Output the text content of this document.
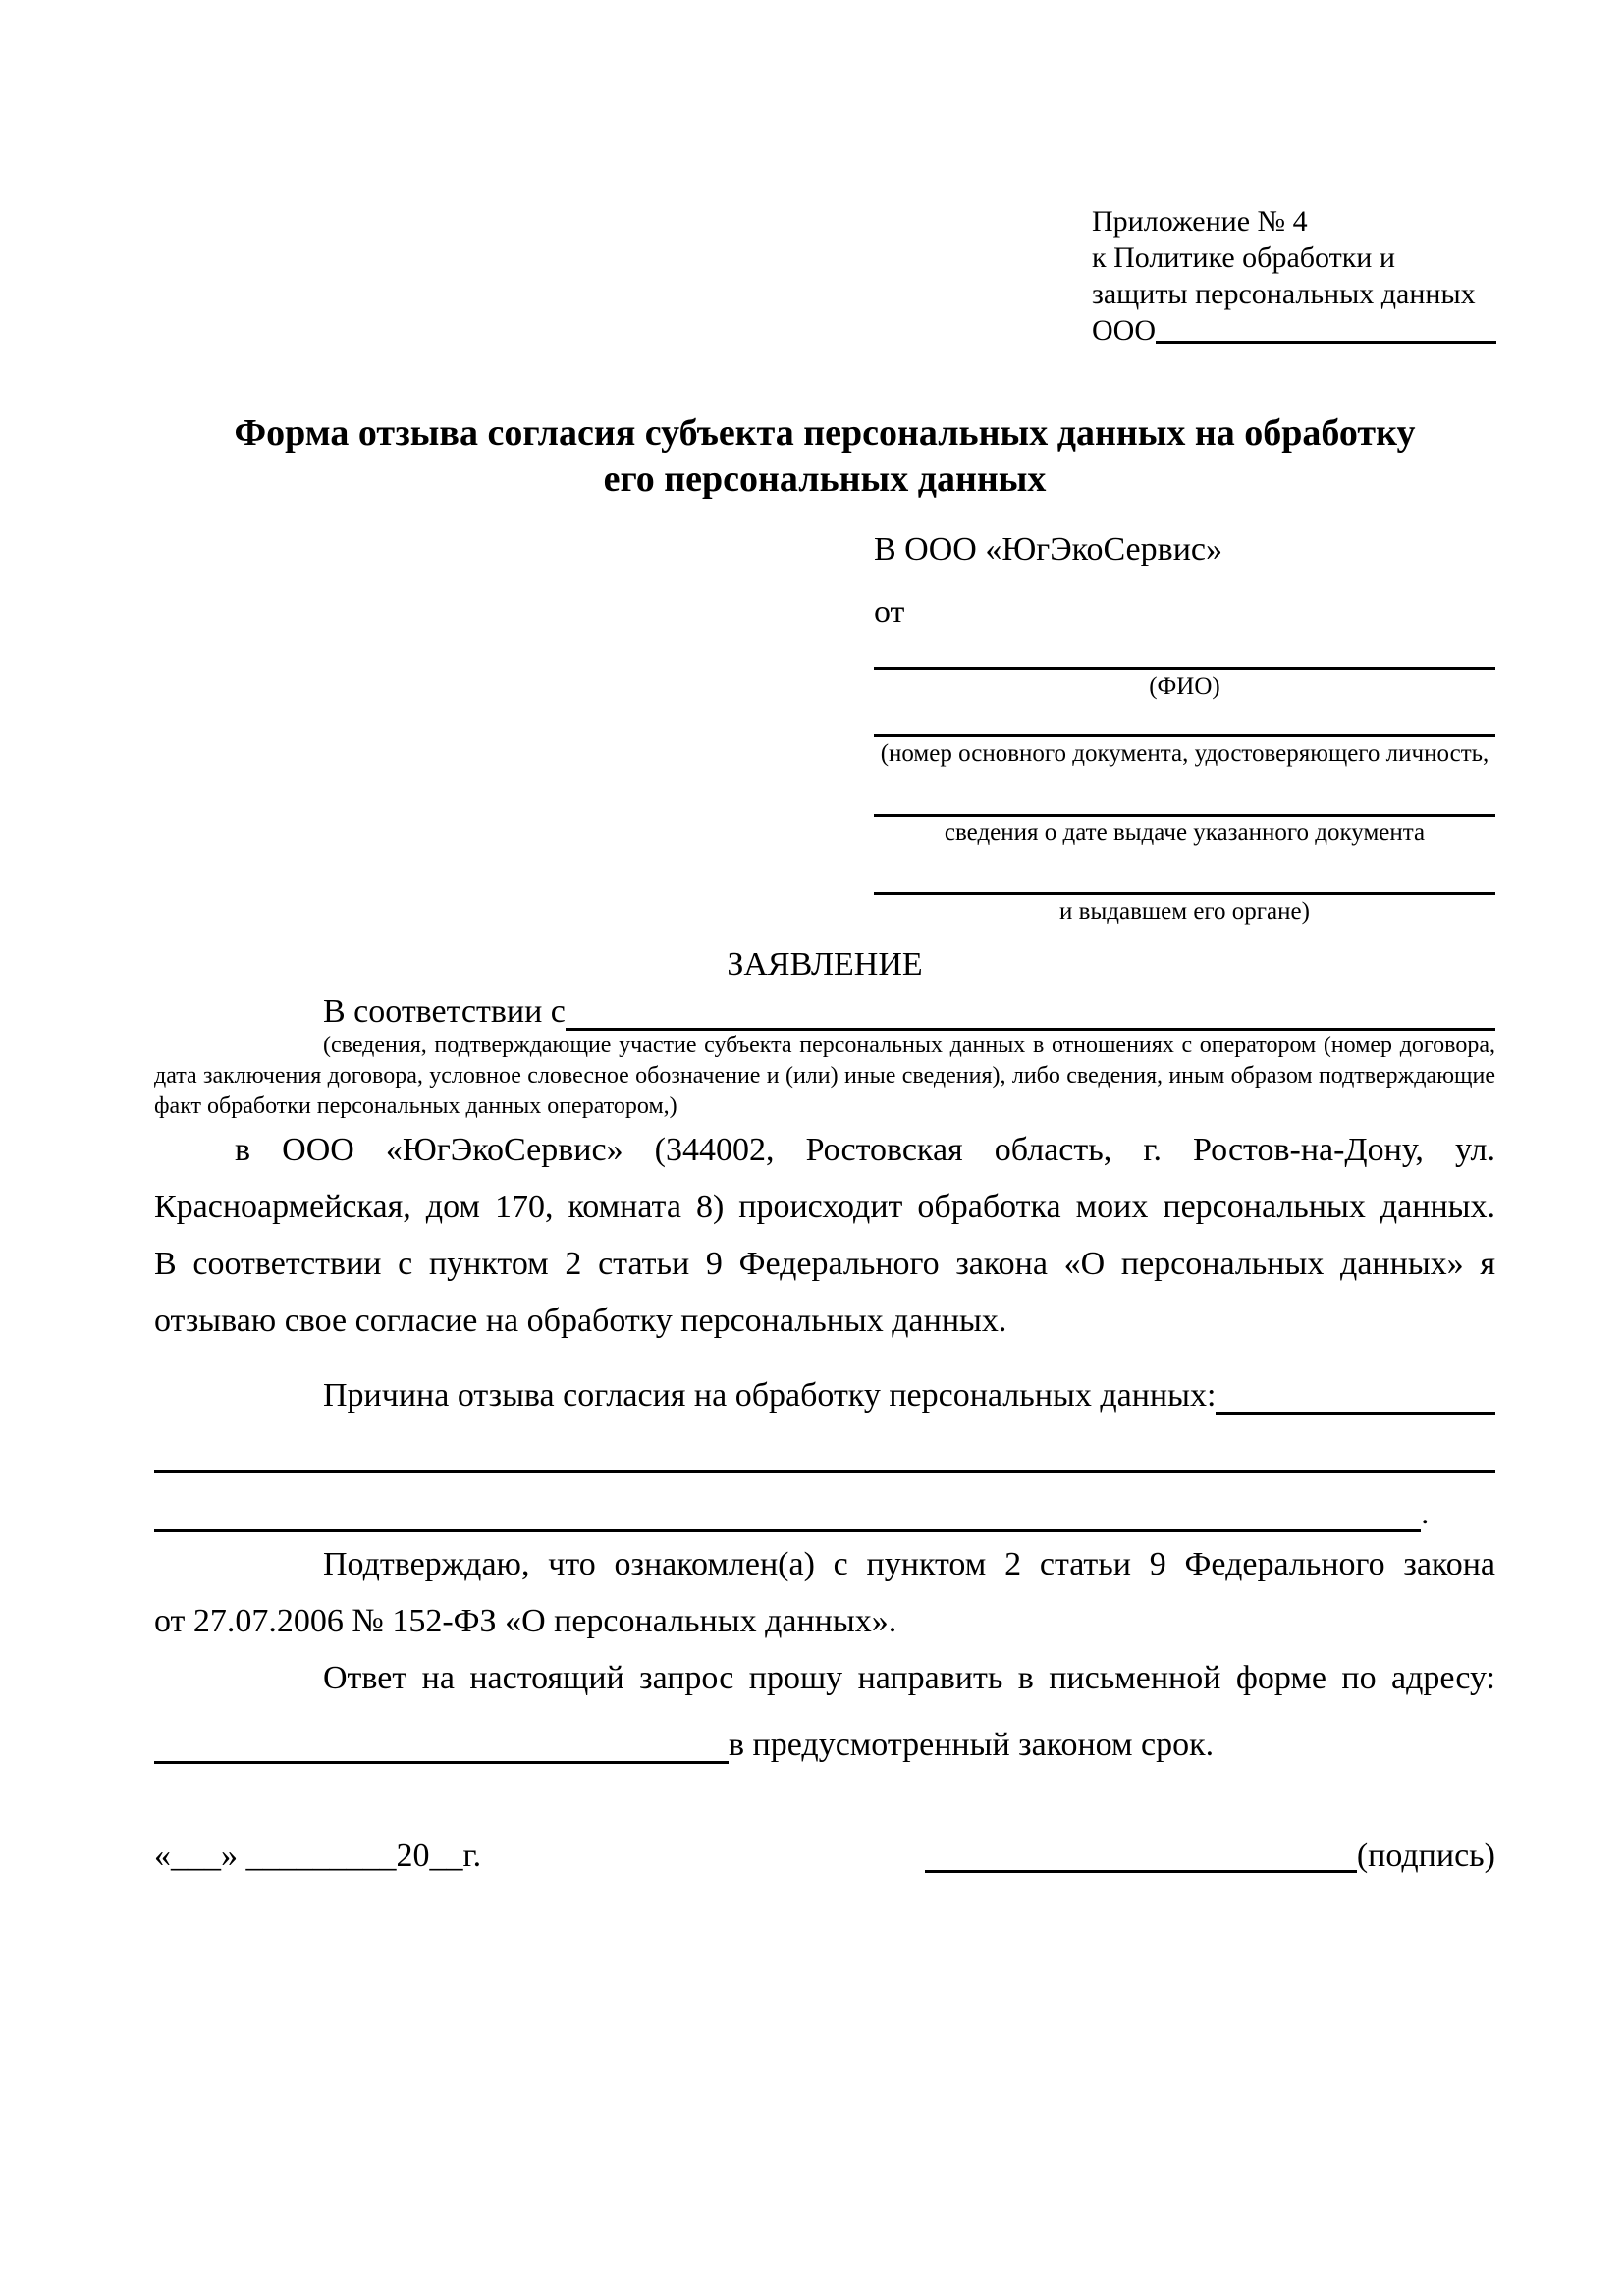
Приложение № 4
к Политике обработки и
защиты персональных данных
ООО
Форма отзыва согласия субъекта персональных данных на обработку
его персональных данных
В ООО «ЮгЭкоСервис»
от
(ФИО)
(номер основного документа, удостоверяющего личность,
сведения о дате выдаче указанного документа
и выдавшем его органе)
ЗАЯВЛЕНИЕ
В соответствии с
(сведения, подтверждающие участие субъекта персональных данных в отношениях с оператором (номер договора, дата заключения договора, условное словесное обозначение и (или) иные сведения), либо сведения, иным образом подтверждающие факт обработки персональных данных оператором,)
в ООО «ЮгЭкоСервис» (344002, Ростовская область, г. Ростов-на-Дону, ул.
Красноармейская, дом 170, комната 8) происходит обработка моих персональных данных.
В соответствии с пунктом 2 статьи 9 Федерального закона «О персональных данных» я
отзываю свое согласие на обработку персональных данных.
Причина отзыва согласия на обработку персональных данных:
.
Подтверждаю, что ознакомлен(а) с пунктом 2 статьи 9 Федерального закона
от 27.07.2006 № 152-ФЗ «О персональных данных».
Ответ на настоящий запрос прошу направить в письменной форме по адресу:
в предусмотренный законом срок.
«___» _________20__г.	(подпись)
